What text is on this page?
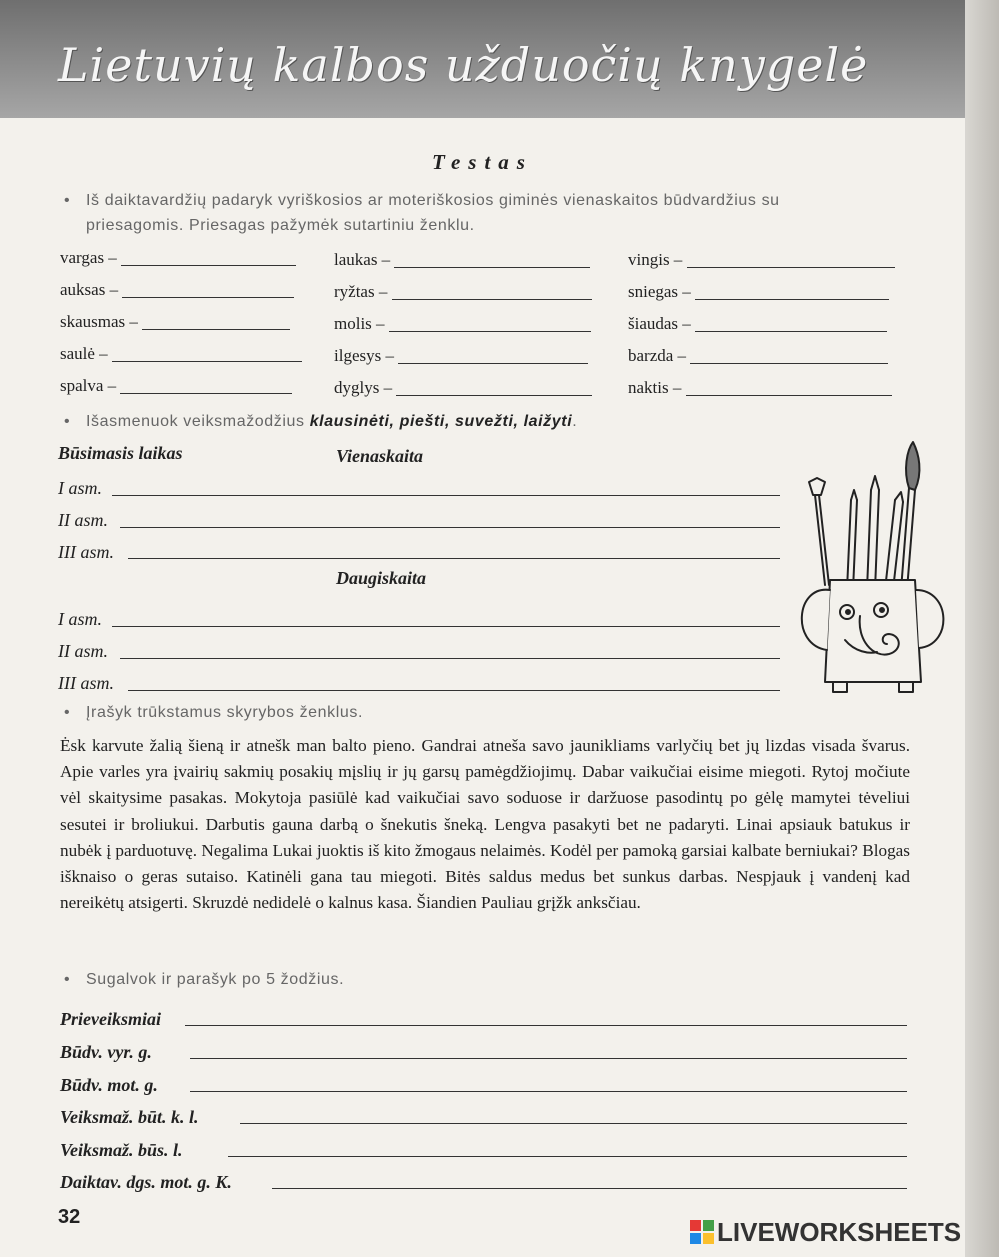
Lietuvių kalbos užduočių knygelė
Testas
• Iš daiktavardžių padaryk vyriškosios ar moteriškosios giminės vienaskaitos būdvardžius su priesagomis. Priesagas pažymėk sutartiniu ženklu.
vargas –
auksas –
skausmas –
saulė –
spalva –
laukas –
ryžtas –
molis –
ilgesys –
dyglys –
vingis –
sniegas –
šiaudas –
barzda –
naktis –
• Išasmenuok veiksmažodžius klausinėti, piešti, suvežti, laižyti.
Būsimasis laikas	Vienaskaita
I asm.
II asm.
III asm.
Daugiskaita
I asm.
II asm.
III asm.
• Įrašyk trūkstamus skyrybos ženklus.
Ėsk karvute žalią šieną ir atnešk man balto pieno. Gandrai atneša savo jaunikliams varlyčių bet jų lizdas visada švarus. Apie varles yra įvairių sakmių posakių mįslių ir jų garsų pamėgdžiojimų. Dabar vaikučiai eisime miegoti. Rytoj močiute vėl skaitysime pasakas. Mokytoja pasiūlė kad vaikučiai savo soduose ir daržuose pasodintų po gėlę mamytei tėveliui sesutei ir broliukui. Darbutis gauna darbą o šnekutis šneką. Lengva pasakyti bet ne padaryti. Linai apsiauk batukus ir nubėk į parduotuvę. Negalima Lukai juoktis iš kito žmogaus nelaimės. Kodėl per pamoką garsiai kalbate berniukai? Blogas išknaiso o geras sutaiso. Katinėli gana tau miegoti. Bitės saldus medus bet sunkus darbas. Nespjauk į vandenį kad nereikėtų atsigerti. Skruzdė nedidelė o kalnus kasa. Šiandien Pauliau grįžk anksčiau.
• Sugalvok ir parašyk po 5 žodžius.
Prieveiksmiai
Būdv. vyr. g.
Būdv. mot. g.
Veiksmaž. būt. k. l.
Veiksmaž. būs. l.
Daiktav. dgs. mot. g. K.
32	LIVEWORKSHEETS
